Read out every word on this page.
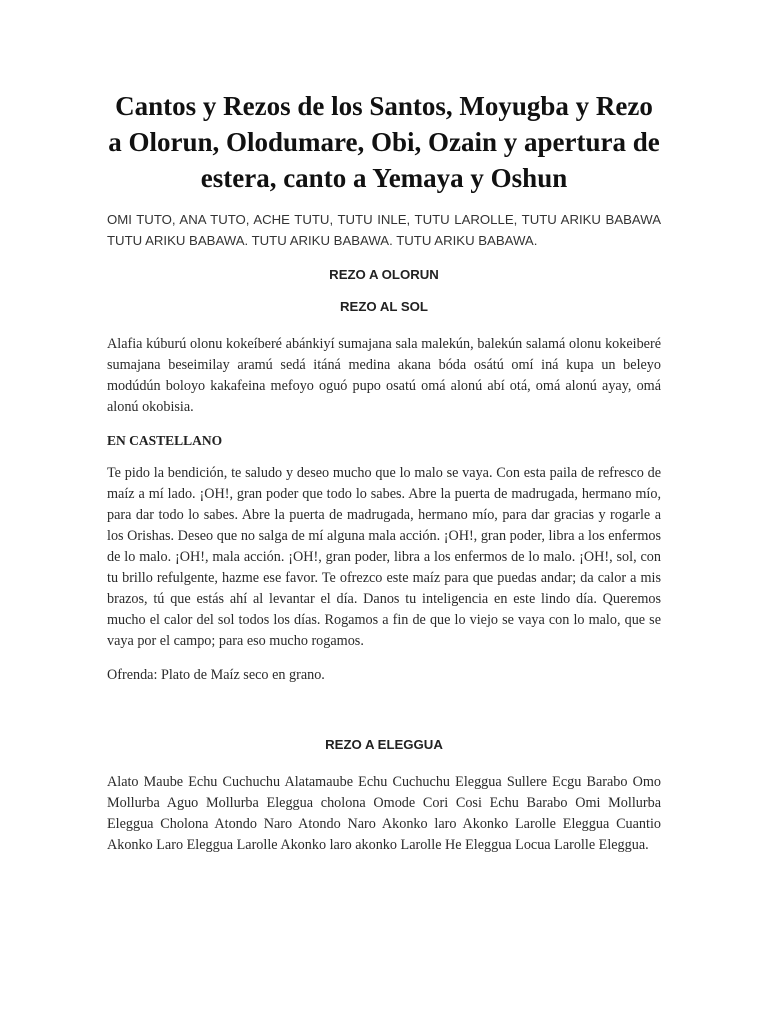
Cantos y Rezos de los Santos, Moyugba y Rezo a Olorun, Olodumare, Obi, Ozain y apertura de estera, canto a Yemaya y Oshun

OMI TUTO, ANA TUTO, ACHE TUTU, TUTU INLE, TUTU LAROLLE, TUTU ARIKU BABAWA TUTU ARIKU BABAWA. TUTU ARIKU BABAWA. TUTU ARIKU BABAWA.

REZO A OLORUN
REZO AL SOL

Alafia kúburú olonu kokeíberé abánkiyí sumajana sala malekún, balekún salamá olonu kokeiberé sumajana beseimilay aramú sedá itáná medina akana bóda osátú omí iná kupa un beleyo modúdún boloyo kakafeina mefoyo oguó pupo osatú omá alonú abí otá, omá alonú ayay, omá alonú okobisia.

EN CASTELLANO

Te pido la bendición, te saludo y deseo mucho que lo malo se vaya. Con esta paila de refresco de maíz a mí lado. ¡OH!, gran poder que todo lo sabes. Abre la puerta de madrugada, hermano mío, para dar todo lo sabes. Abre la puerta de madrugada, hermano mío, para dar gracias y rogarle a los Orishas. Deseo que no salga de mí alguna mala acción. ¡OH!, gran poder, libra a los enfermos de lo malo. ¡OH!, mala acción. ¡OH!, gran poder, libra a los enfermos de lo malo. ¡OH!, sol, con tu brillo refulgente, hazme ese favor. Te ofrezco este maíz para que puedas andar; da calor a mis brazos, tú que estás ahí al levantar el día. Danos tu inteligencia en este lindo día. Queremos mucho el calor del sol todos los días. Rogamos a fin de que lo viejo se vaya con lo malo, que se vaya por el campo; para eso mucho rogamos.

Ofrenda: Plato de Maíz seco en grano.

REZO A ELEGGUA

Alato Maube Echu Cuchuchu Alatamaube Echu Cuchuchu Eleggua Sullere Ecgu Barabo Omo Mollurba Aguo Mollurba Eleggua cholona Omode Cori Cosi Echu Barabo Omi Mollurba Eleggua Cholona Atondo Naro Atondo Naro Akonko laro Akonko Larolle Eleggua Cuantio Akonko Laro Eleggua Larolle Akonko laro akonko Larolle He Eleggua Locua Larolle Eleggua.
